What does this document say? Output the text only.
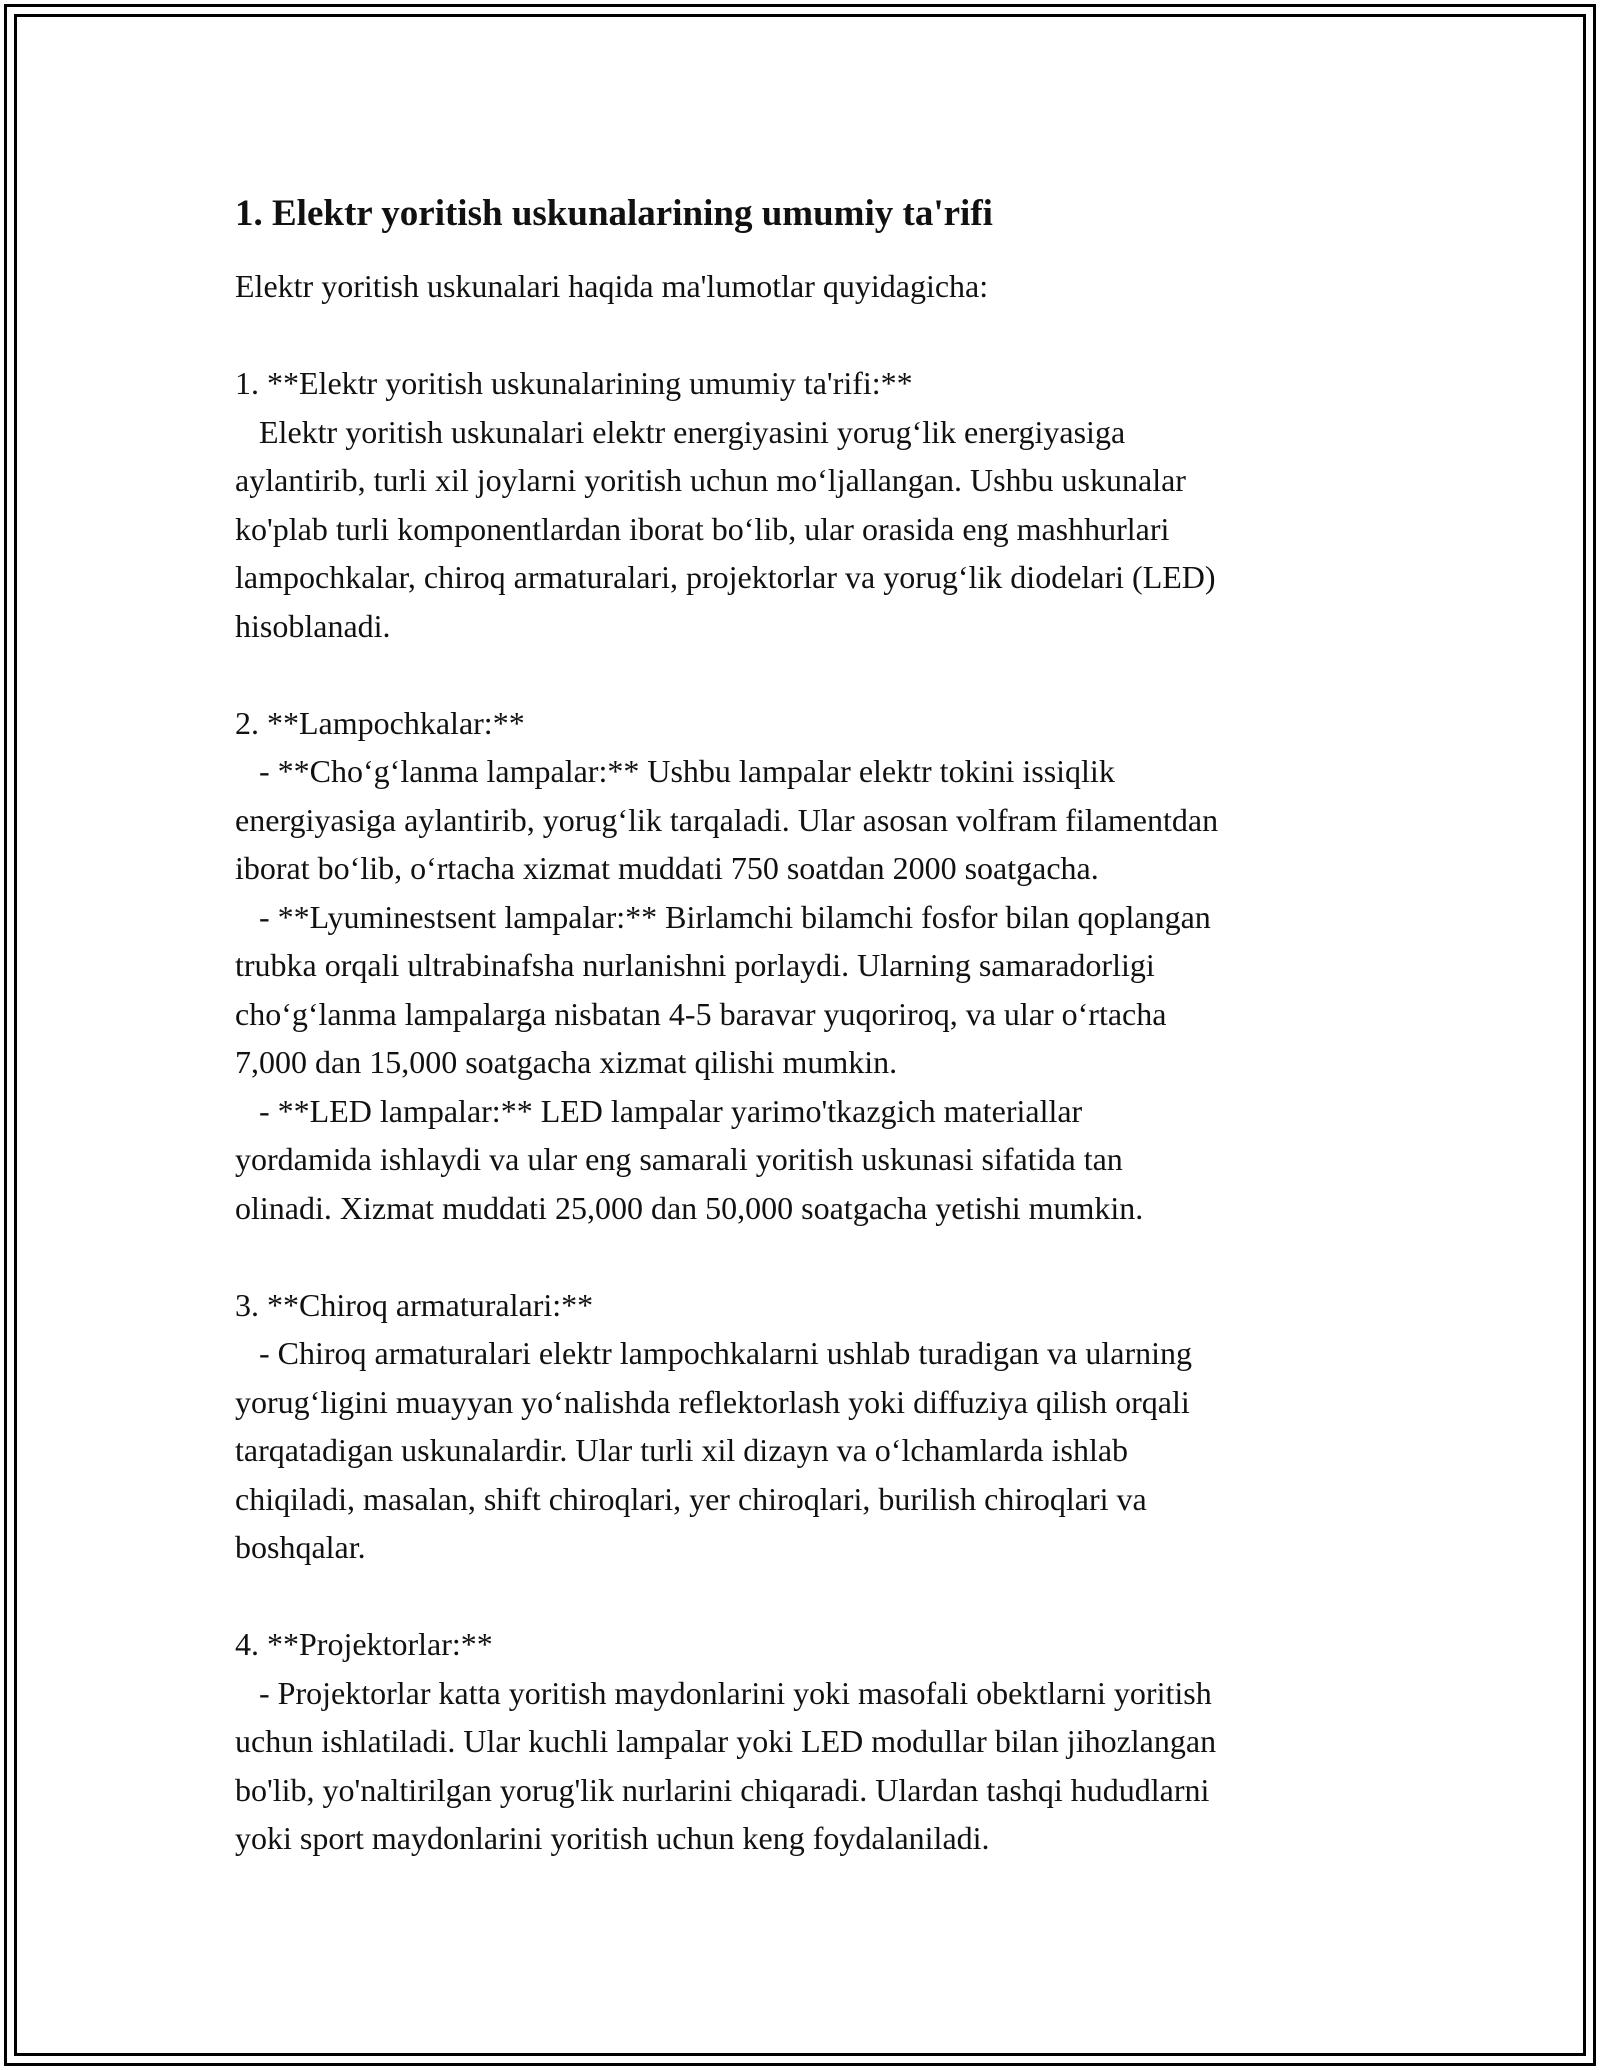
1. Elektr yoritish uskunalarining umumiy ta'rifi
Elektr yoritish uskunalari haqida ma'lumotlar quyidagicha:
1. **Elektr yoritish uskunalarining umumiy ta'rifi:**
Elektr yoritish uskunalari elektr energiyasini yorug‘lik energiyasiga
aylantirib, turli xil joylarni yoritish uchun mo‘ljallangan. Ushbu uskunalar
ko'plab turli komponentlardan iborat bo‘lib, ular orasida eng mashhurlari
lampochkalar, chiroq armaturalari, projektorlar va yorug‘lik diodelari (LED)
hisoblanadi.
2. **Lampochkalar:**
- **Cho‘g‘lanma lampalar:** Ushbu lampalar elektr tokini issiqlik
energiyasiga aylantirib, yorug‘lik tarqaladi. Ular asosan volfram filamentdan
iborat bo‘lib, o‘rtacha xizmat muddati 750 soatdan 2000 soatgacha.
- **Lyuminestsent lampalar:** Birlamchi bilamchi fosfor bilan qoplangan
trubka orqali ultrabinafsha nurlanishni porlaydi. Ularning samaradorligi
cho‘g‘lanma lampalarga nisbatan 4-5 baravar yuqoriroq, va ular o‘rtacha
7,000 dan 15,000 soatgacha xizmat qilishi mumkin.
- **LED lampalar:** LED lampalar yarimo'tkazgich materiallar
yordamida ishlaydi va ular eng samarali yoritish uskunasi sifatida tan
olinadi. Xizmat muddati 25,000 dan 50,000 soatgacha yetishi mumkin.
3. **Chiroq armaturalari:**
- Chiroq armaturalari elektr lampochkalarni ushlab turadigan va ularning
yorug‘ligini muayyan yo‘nalishda reflektorlash yoki diffuziya qilish orqali
tarqatadigan uskunalardir. Ular turli xil dizayn va o‘lchamlarda ishlab
chiqiladi, masalan, shift chiroqlari, yer chiroqlari, burilish chiroqlari va
boshqalar.
4. **Projektorlar:**
- Projektorlar katta yoritish maydonlarini yoki masofali obektlarni yoritish
uchun ishlatiladi. Ular kuchli lampalar yoki LED modullar bilan jihozlangan
bo'lib, yo'naltirilgan yorug'lik nurlarini chiqaradi. Ulardan tashqi hududlarni
yoki sport maydonlarini yoritish uchun keng foydalaniladi.
